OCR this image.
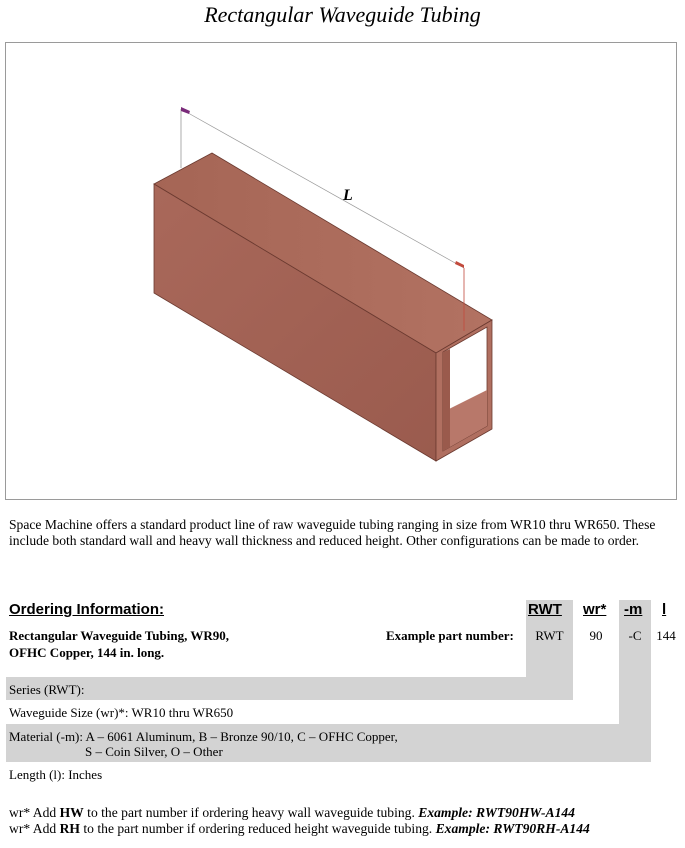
Rectangular Waveguide Tubing
L
Space Machine offers a standard product line of raw waveguide tubing ranging in size from WR10 thru WR650. These include both standard wall and heavy wall thickness and reduced height. Other configurations can be made to order.
Ordering Information:	RWT wr* -m l
Rectangular Waveguide Tubing, WR90,
OFHC Copper, 144 in. long.
Example part number:	RWT	90	-C	144
Series (RWT):
Waveguide Size (wr)*: WR10 thru WR650
Material (-m): A – 6061 Aluminum, B – Bronze 90/10, C – OFHC Copper,
S – Coin Silver, O – Other
Length (l): Inches
wr* Add HW to the part number if ordering heavy wall waveguide tubing. Example: RWT90HW-A144
wr* Add RH to the part number if ordering reduced height waveguide tubing. Example: RWT90RH-A144
